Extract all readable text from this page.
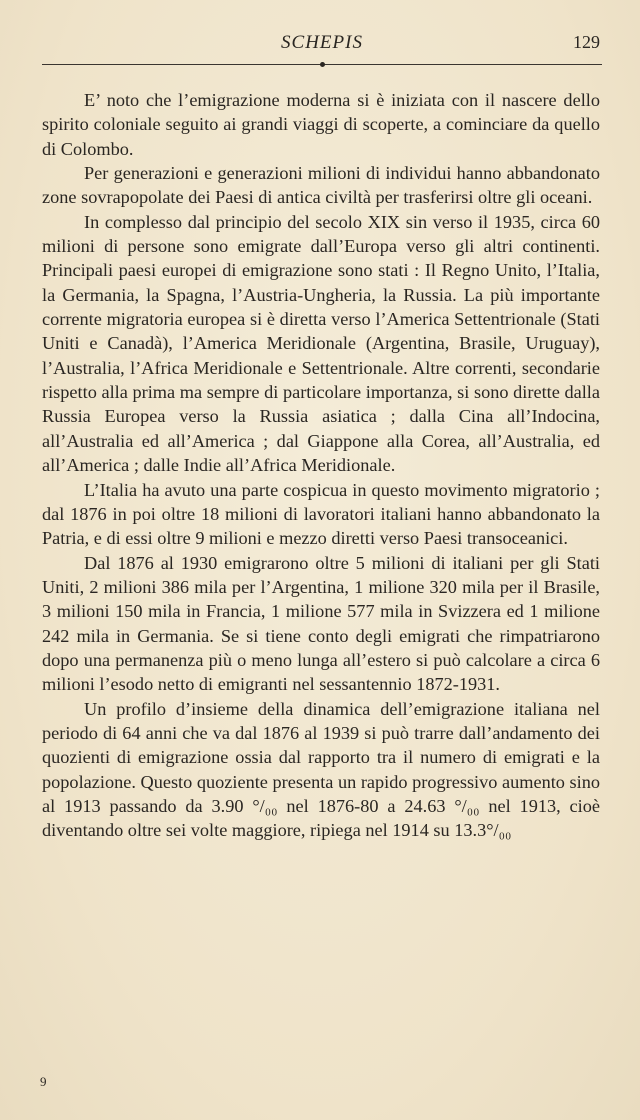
SCHEPIS	129

E’ noto che l’emigrazione moderna si è iniziata con il nascere dello spirito coloniale seguito ai grandi viaggi di scoperte, a cominciare da quello di Colombo.

Per generazioni e generazioni milioni di individui hanno abbandonato zone sovrapopolate dei Paesi di antica civiltà per trasferirsi oltre gli oceani.

In complesso dal principio del secolo XIX sin verso il 1935, circa 60 milioni di persone sono emigrate dall’Europa verso gli altri continenti. Principali paesi europei di emigrazione sono stati : Il Regno Unito, l’Italia, la Germania, la Spagna, l’Austria-Ungheria, la Russia. La più importante corrente migratoria europea si è diretta verso l’America Settentrionale (Stati Uniti e Canadà), l’America Meridionale (Argentina, Brasile, Uruguay), l’Australia, l’Africa Meridionale e Settentrionale. Altre correnti, secondarie rispetto alla prima ma sempre di particolare importanza, si sono dirette dalla Russia Europea verso la Russia asiatica ; dalla Cina all’Indocina, all’Australia ed all’America ; dal Giappone alla Corea, all’Australia, ed all’America ; dalle Indie all’Africa Meridionale.

L’Italia ha avuto una parte cospicua in questo movimento migratorio ; dal 1876 in poi oltre 18 milioni di lavoratori italiani hanno abbandonato la Patria, e di essi oltre 9 milioni e mezzo diretti verso Paesi transoceanici.

Dal 1876 al 1930 emigrarono oltre 5 milioni di italiani per gli Stati Uniti, 2 milioni 386 mila per l’Argentina, 1 milione 320 mila per il Brasile, 3 milioni 150 mila in Francia, 1 milione 577 mila in Svizzera ed 1 milione 242 mila in Germania. Se si tiene conto degli emigrati che rimpatriarono dopo una permanenza più o meno lunga all’estero si può calcolare a circa 6 milioni l’esodo netto di emigranti nel sessantennio 1872-1931.

Un profilo d’insieme della dinamica dell’emigrazione italiana nel periodo di 64 anni che va dal 1876 al 1939 si può trarre dall’andamento dei quozienti di emigrazione ossia dal rapporto tra il numero di emigrati e la popolazione. Questo quoziente presenta un rapido progressivo aumento sino al 1913 passando da 3.90 °/₀₀ nel 1876-80 a 24.63 °/₀₀ nel 1913, cioè diventando oltre sei volte maggiore, ripiega nel 1914 su 13.3°/₀₀

9
